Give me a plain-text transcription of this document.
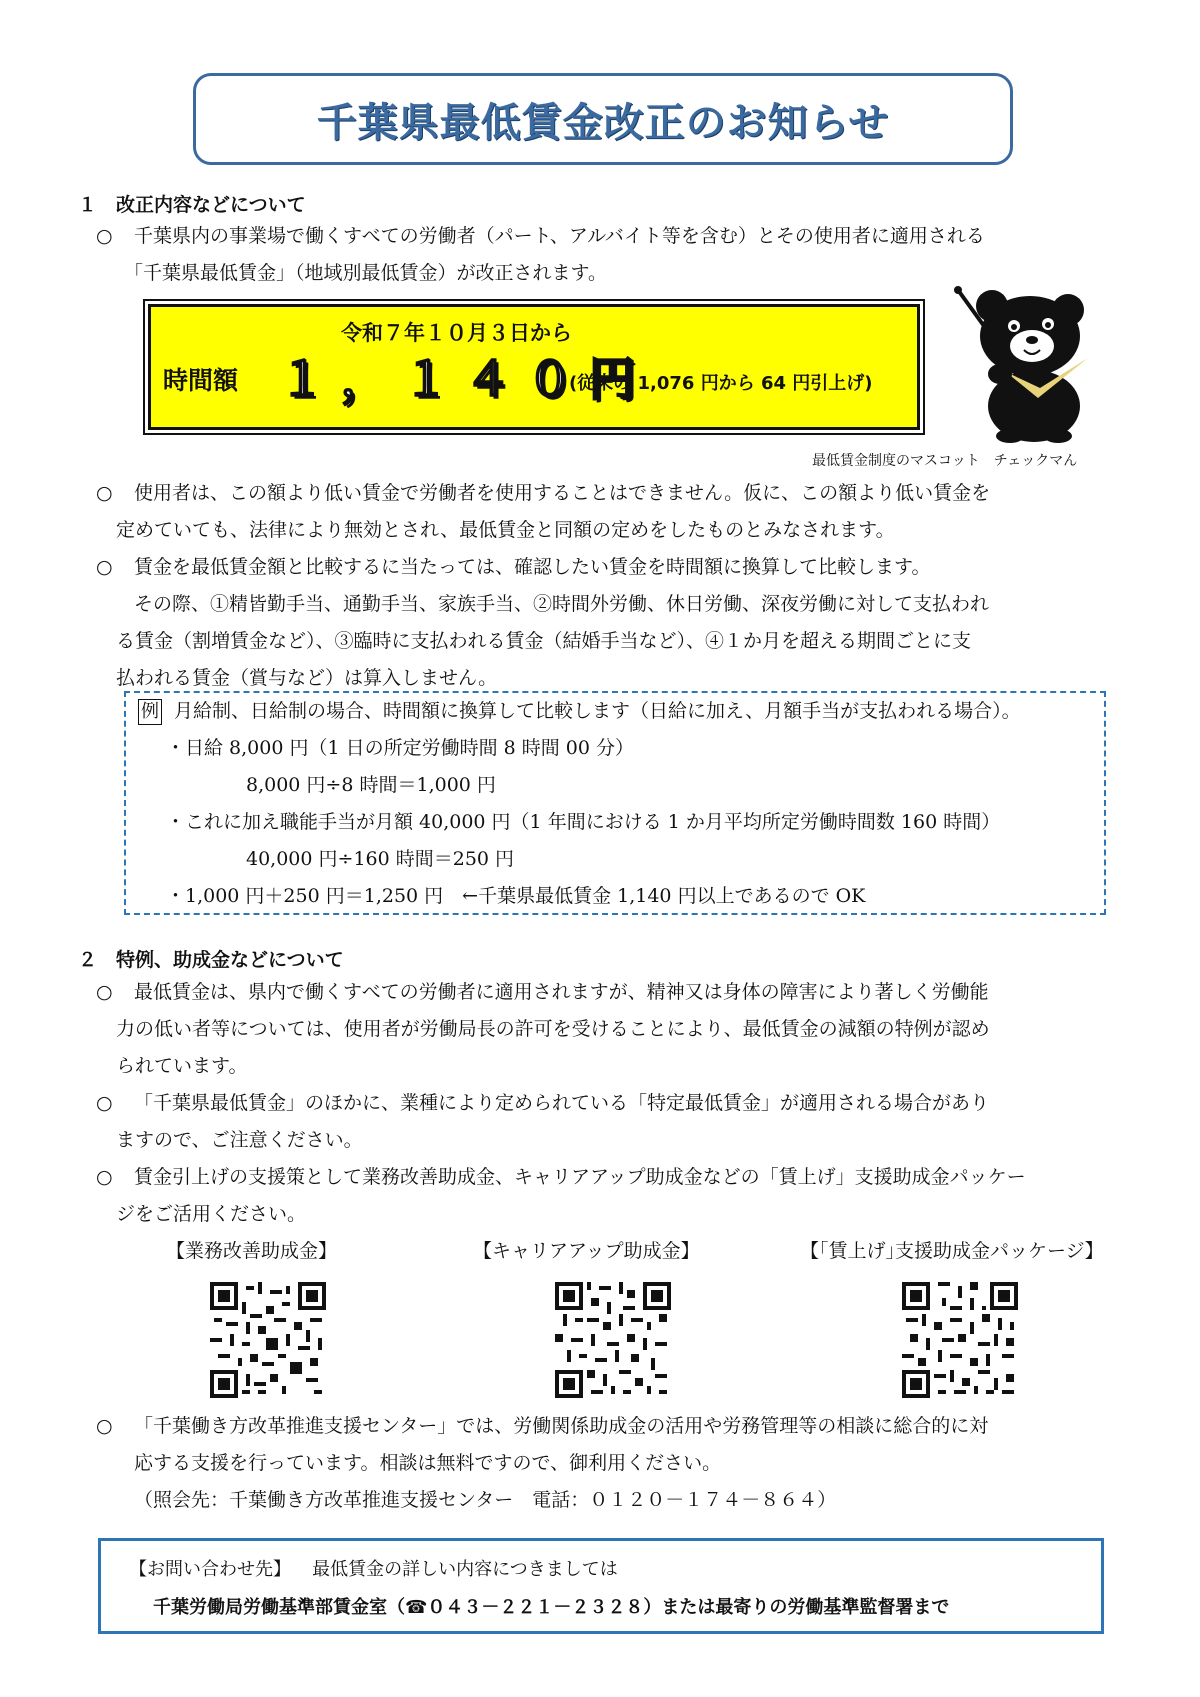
千葉県最低賃金改正のお知らせ
１　改正内容などについて
○ 千葉県内の事業場で働くすべての労働者（パート、アルバイト等を含む）とその使用者に適用される
「千葉県最低賃金」（地域別最低賃金）が改正されます。
令和７年１０月３日から
時間額 １，１４０円
(従来の 1,076 円から 64 円引上げ)
最低賃金制度のマスコット　チェックマん
○ 使用者は、この額より低い賃金で労働者を使用することはできません。仮に、この額より低い賃金を
定めていても、法律により無効とされ、最低賃金と同額の定めをしたものとみなされます。
○ 賃金を最低賃金額と比較するに当たっては、確認したい賃金を時間額に換算して比較します。
その際、①精皆勤手当、通勤手当、家族手当、②時間外労働、休日労働、深夜労働に対して支払われ
る賃金（割増賃金など）、③臨時に支払われる賃金（結婚手当など）、④１か月を超える期間ごとに支
払われる賃金（賞与など）は算入しません。
例 月給制、日給制の場合、時間額に換算して比較します（日給に加え、月額手当が支払われる場合）。
・日給 8,000 円（1 日の所定労働時間 8 時間 00 分）
8,000 円÷8 時間＝1,000 円
・これに加え職能手当が月額 40,000 円（1 年間における 1 か月平均所定労働時間数 160 時間）
40,000 円÷160 時間＝250 円
・1,000 円＋250 円＝1,250 円　←千葉県最低賃金 1,140 円以上であるので OK
２　特例、助成金などについて
○ 最低賃金は、県内で働くすべての労働者に適用されますが、精神又は身体の障害により著しく労働能
力の低い者等については、使用者が労働局長の許可を受けることにより、最低賃金の減額の特例が認め
られています。
○ 「千葉県最低賃金」のほかに、業種により定められている「特定最低賃金」が適用される場合があり
ますので、ご注意ください。
○ 賃金引上げの支援策として業務改善助成金、キャリアアップ助成金などの「賃上げ」支援助成金パッケー
ジをご活用ください。
【業務改善助成金】	【キャリアアップ助成金】	【｢賃上げ｣支援助成金パッケージ】
○ 「千葉働き方改革推進支援センター」では、労働関係助成金の活用や労務管理等の相談に総合的に対
応する支援を行っています。相談は無料ですので、御利用ください。
（照会先：千葉働き方改革推進支援センター　電話：０１２０－１７４－８６４）
【お問い合わせ先】 最低賃金の詳しい内容につきましては
千葉労働局労働基準部賃金室（☎０４３－２２１－２３２８）または最寄りの労働基準監督署まで
